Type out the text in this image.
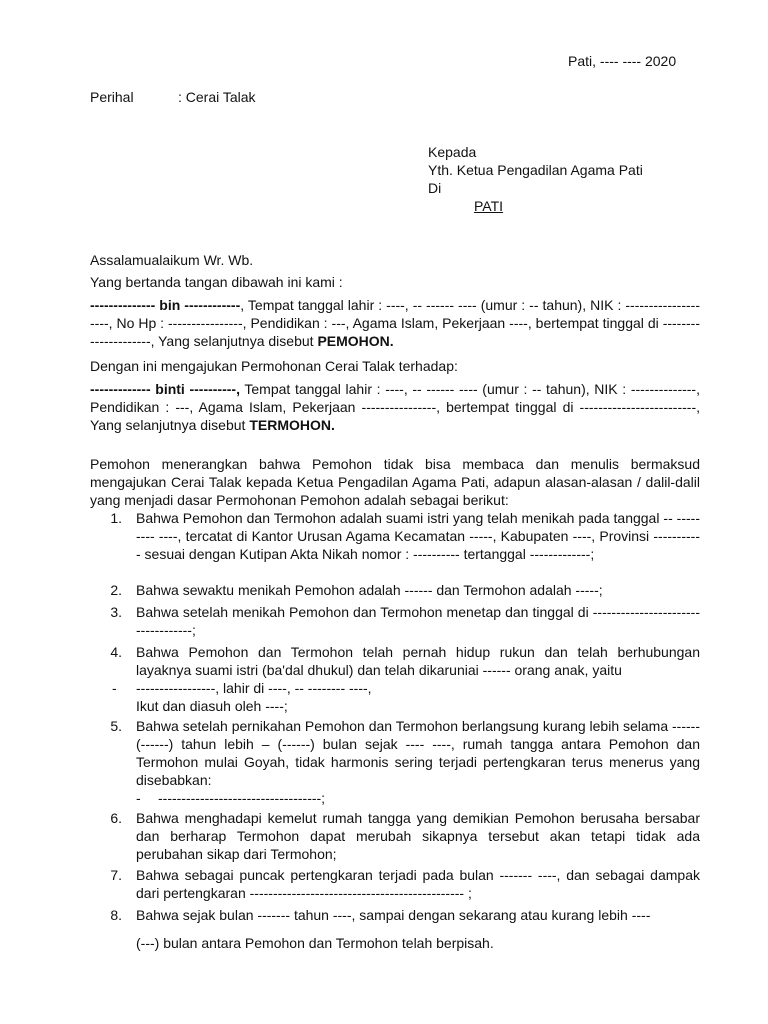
Pati, ---- ---- 2020
Perihal	: Cerai Talak
Kepada
Yth. Ketua Pengadilan Agama Pati
Di
PATI
Assalamualaikum Wr. Wb.
Yang bertanda tangan dibawah ini kami :
-------------- bin ------------, Tempat tanggal lahir : ----, -- ------ ---- (umur : -- tahun), NIK : --------------------, No Hp : ----------------, Pendidikan : ---, Agama Islam, Pekerjaan ----, bertempat tinggal di ---------------------, Yang selanjutnya disebut PEMOHON.
Dengan ini mengajukan Permohonan Cerai Talak terhadap:
------------- binti ----------, Tempat tanggal lahir : ----, -- ------ ---- (umur : -- tahun), NIK : --------------, Pendidikan : ---, Agama Islam, Pekerjaan ----------------, bertempat tinggal di -------------------------, Yang selanjutnya disebut TERMOHON.
Pemohon menerangkan bahwa Pemohon tidak bisa membaca dan menulis bermaksud mengajukan Cerai Talak kepada Ketua Pengadilan Agama Pati, adapun alasan-alasan / dalil-dalil yang menjadi dasar Permohonan Pemohon adalah sebagai berikut:
1. Bahwa Pemohon dan Termohon adalah suami istri yang telah menikah pada tanggal -- --------- ----, tercatat di Kantor Urusan Agama Kecamatan -----, Kabupaten ----, Provinsi ----------- sesuai dengan Kutipan Akta Nikah nomor : ---------- tertanggal -------------;
2. Bahwa sewaktu menikah Pemohon adalah ------ dan Termohon adalah -----;
3. Bahwa setelah menikah Pemohon dan Termohon menetap dan tinggal di -----------------------------------;
4. Bahwa Pemohon dan Termohon telah pernah hidup rukun dan telah berhubungan layaknya suami istri (ba'dal dhukul) dan telah dikaruniai ------ orang anak, yaitu
- -----------------, lahir di ----, -- -------- ----,
Ikut dan diasuh oleh ----;
5. Bahwa setelah pernikahan Pemohon dan Termohon berlangsung kurang lebih selama ------ (------) tahun lebih – (------) bulan sejak ---- ----, rumah tangga antara Pemohon dan Termohon mulai Goyah, tidak harmonis sering terjadi pertengkaran terus menerus yang disebabkan:
- -----------------------------------;
6. Bahwa menghadapi kemelut rumah tangga yang demikian Pemohon berusaha bersabar dan berharap Termohon dapat merubah sikapnya tersebut akan tetapi tidak ada perubahan sikap dari Termohon;
7. Bahwa sebagai puncak pertengkaran terjadi pada bulan ------- ----, dan sebagai dampak dari pertengkaran ---------------------------------------------- ;
8. Bahwa sejak bulan ------- tahun ----, sampai dengan sekarang atau kurang lebih ----
(---) bulan antara Pemohon dan Termohon telah berpisah.
